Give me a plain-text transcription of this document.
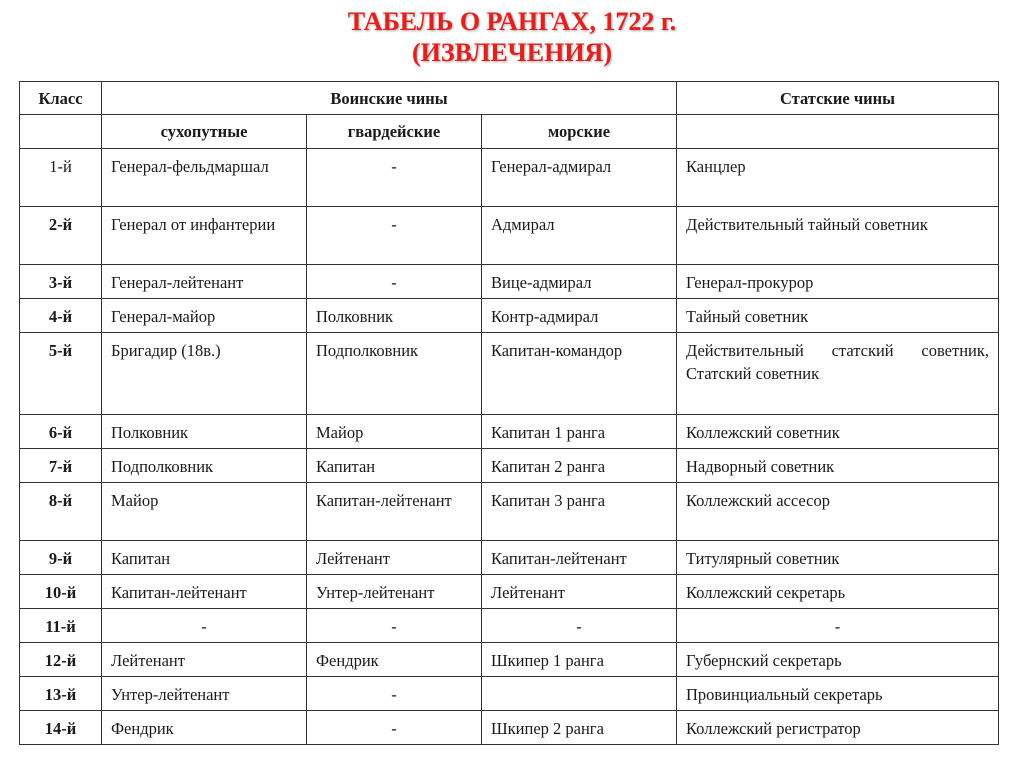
ТАБЕЛЬ О РАНГАХ, 1722 г.
(ИЗВЛЕЧЕНИЯ)
Класс	Воинские чины			Статские чины
	сухопутные	гвардейские	морские	
1-й	Генерал-фельдмаршал	-	Генерал-адмирал	Канцлер
2-й	Генерал от инфантерии	-	Адмирал	Действительный тайный советник
3-й	Генерал-лейтенант	-	Вице-адмирал	Генерал-прокурор
4-й	Генерал-майор	Полковник	Контр-адмирал	Тайный советник
5-й	Бригадир (18в.)	Подполковник	Капитан-командор	Действительный статский советник,
Статский советник

6-й	Полковник	Майор	Капитан 1 ранга	Коллежский советник
7-й	Подполковник	Капитан	Капитан 2 ранга	Надворный советник
8-й	Майор	Капитан-лейтенант	Капитан 3 ранга	Коллежский ассесор
9-й	Капитан	Лейтенант	Капитан-лейтенант	Титулярный советник
10-й	Капитан-лейтенант	Унтер-лейтенант	Лейтенант	Коллежский секретарь
11-й	-	-	-	-
12-й	Лейтенант	Фендрик	Шкипер 1 ранга	Губернский секретарь
13-й	Унтер-лейтенант	-		Провинциальный секретарь
14-й	Фендрик	-	Шкипер 2 ранга	Коллежский регистратор
